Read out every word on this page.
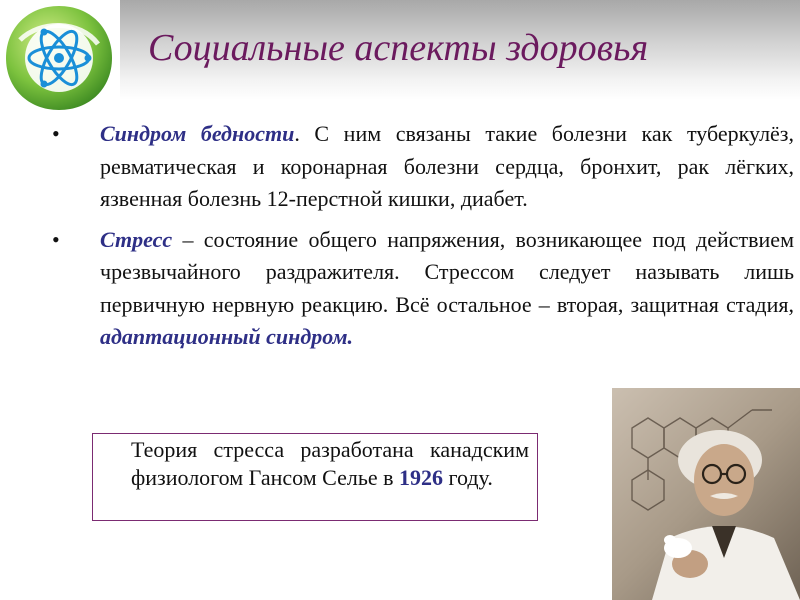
Социальные аспекты здоровья
• Синдром бедности. С ним связаны такие болезни как туберкулёз, ревматическая и коронарная болезни сердца, бронхит, рак лёгких, язвенная болезнь 12-перстной кишки, диабет.
• Стресс – состояние общего напряжения, возникающее под действием чрезвычайного раздражителя. Стрессом следует называть лишь первичную нервную реакцию. Всё остальное – вторая, защитная стадия, адаптационный синдром.

Теория стресса разработана канадским физиологом Гансом Селье в 1926 году.
